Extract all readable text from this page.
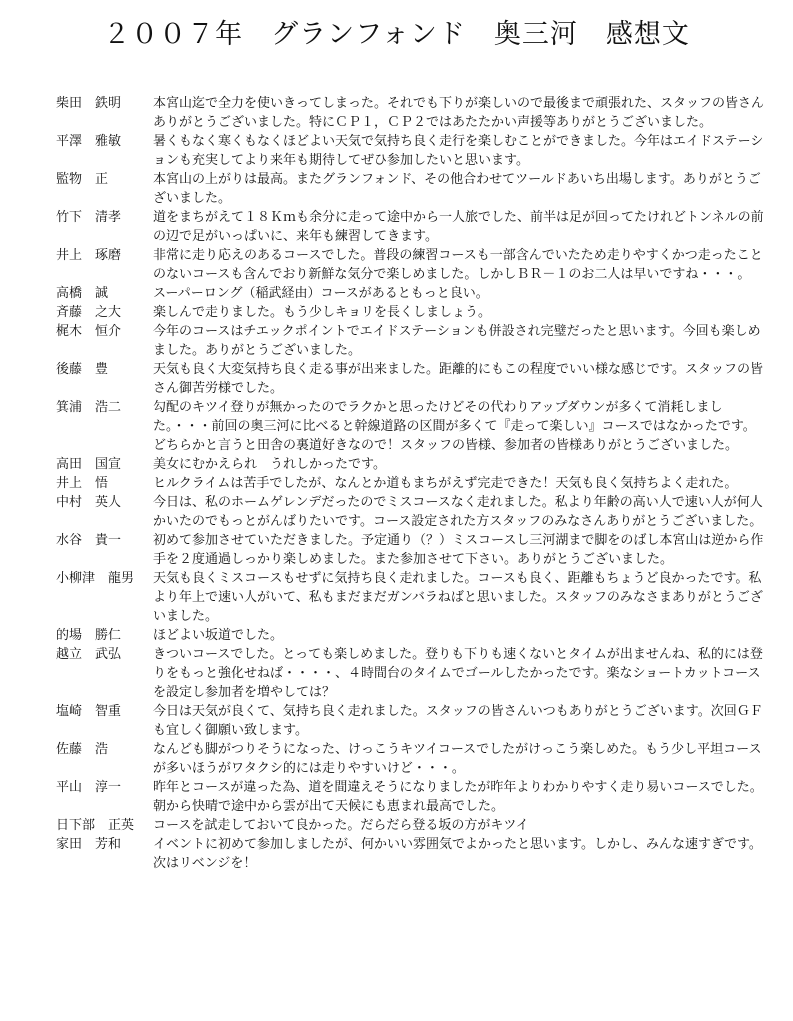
２００７年　グランフォンド　奥三河　感想文
柴田　鉄明	本宮山迄で全力を使いきってしまった。それでも下りが楽しいので最後まで頑張れた、スタッフの皆さんありがとうございました。特にＣＰ１，ＣＰ２ではあたたかい声援等ありがとうございました。
平澤　雅敏	暑くもなく寒くもなくほどよい天気で気持ち良く走行を楽しむことができました。今年はエイドステーションも充実してより来年も期待してぜひ参加したいと思います。
監物　正	本宮山の上がりは最高。またグランフォンド、その他合わせてツールドあいち出場します。ありがとうございました。
竹下　清孝	道をまちがえて１８Ｋｍも余分に走って途中から一人旅でした、前半は足が回ってたけれどトンネルの前の辺で足がいっぱいに、来年も練習してきます。
井上　琢磨	非常に走り応えのあるコースでした。普段の練習コースも一部含んでいたため走りやすくかつ走ったことのないコースも含んでおり新鮮な気分で楽しめました。しかしＢＲ－１のお二人は早いですね・・・。
高橋　誠	スーパーロング（稲武経由）コースがあるともっと良い。
斉藤　之大	楽しんで走りました。もう少しキョリを長くしましょう。
梶木　恒介	今年のコースはチエックポイントでエイドステーションも併設され完璧だったと思います。今回も楽しめました。ありがとうございました。
後藤　豊	天気も良く大変気持ち良く走る事が出来ました。距離的にもこの程度でいい様な感じです。スタッフの皆さん御苦労様でした。
箕浦　浩二	勾配のキツイ登りが無かったのでラクかと思ったけどその代わりアップダウンが多くて消耗しました。・・・前回の奥三河に比べると幹線道路の区間が多くて『走って楽しい』コースではなかったです。どちらかと言うと田舎の裏道好きなので！スタッフの皆様、参加者の皆様ありがとうございました。
高田　国宣	美女にむかえられ　うれしかったです。
井上　悟	ヒルクライムは苦手でしたが、なんとか道もまちがえず完走できた！天気も良く気持ちよく走れた。
中村　英人	今日は、私のホームゲレンデだったのでミスコースなく走れました。私より年齢の高い人で速い人が何人かいたのでもっとがんばりたいです。コース設定された方スタッフのみなさんありがとうございました。
水谷　貴一	初めて参加させていただきました。予定通り（？）ミスコースし三河湖まで脚をのばし本宮山は逆から作手を２度通過しっかり楽しめました。また参加させて下さい。ありがとうございました。
小柳津　龍男	天気も良くミスコースもせずに気持ち良く走れました。コースも良く、距離もちょうど良かったです。私より年上で速い人がいて、私もまだまだガンバラねばと思いました。スタッフのみなさまありがとうございました。
的場　勝仁	ほどよい坂道でした。
越立　武弘	きついコースでした。とっても楽しめました。登りも下りも速くないとタイムが出ませんね、私的には登りをもっと強化せねば・・・・、４時間台のタイムでゴールしたかったです。楽なショートカットコースを設定し参加者を増やしては？
塩崎　智重	今日は天気が良くて、気持ち良く走れました。スタッフの皆さんいつもありがとうございます。次回ＧＦも宜しく御願い致します。
佐藤　浩	なんども脚がつりそうになった、けっこうキツイコースでしたがけっこう楽しめた。もう少し平坦コースが多いほうがワタクシ的には走りやすいけど・・・。
平山　淳一	昨年とコースが違った為、道を間違えそうになりましたが昨年よりわかりやすく走り易いコースでした。朝から快晴で途中から雲が出て天候にも恵まれ最高でした。
日下部　正英	コースを試走しておいて良かった。だらだら登る坂の方がキツイ
家田　芳和	イベントに初めて参加しましたが、何かいい雰囲気でよかったと思います。しかし、みんな速すぎです。次はリベンジを！
